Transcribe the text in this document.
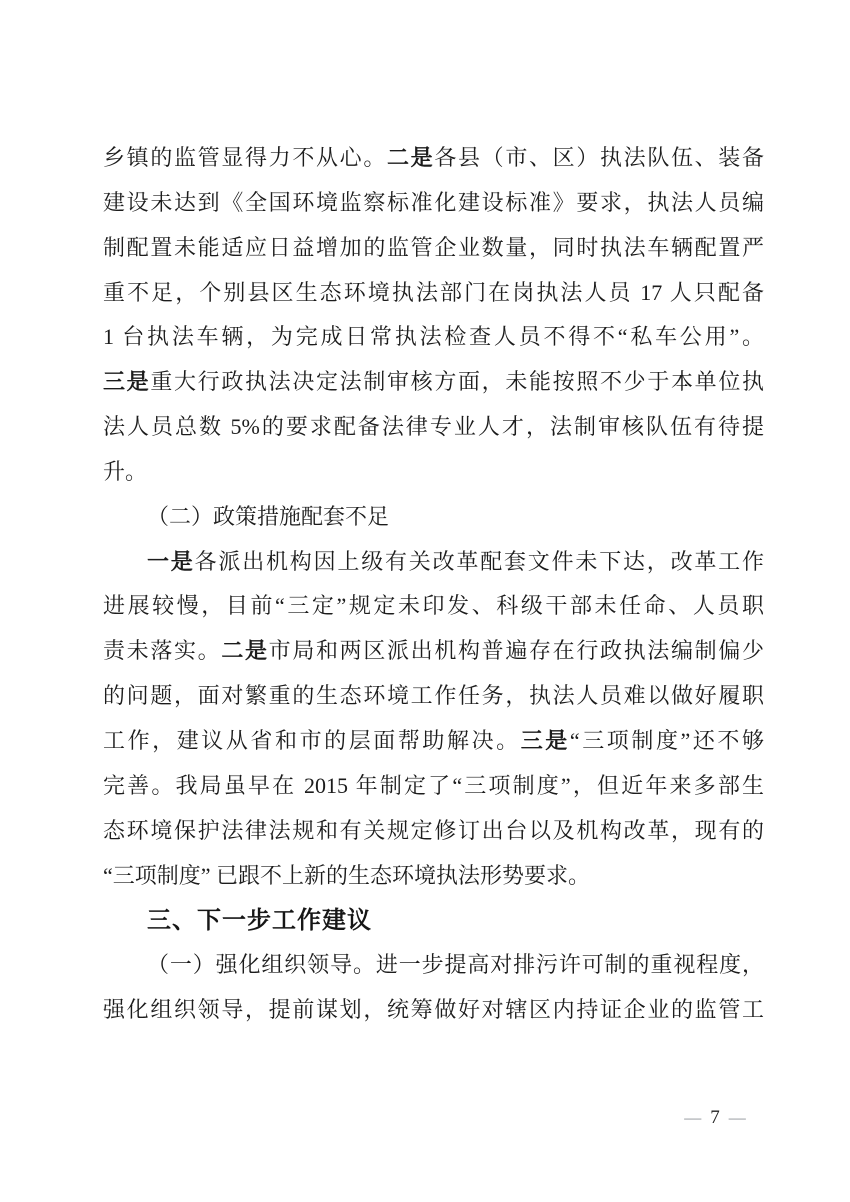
乡镇的监管显得力不从心。二是各县（市、区）执法队伍、装备
建设未达到《全国环境监察标准化建设标准》要求，执法人员编
制配置未能适应日益增加的监管企业数量，同时执法车辆配置严
重不足，个别县区生态环境执法部门在岗执法人员 17 人只配备
1 台执法车辆，为完成日常执法检查人员不得不“私车公用”。
三是重大行政执法决定法制审核方面，未能按照不少于本单位执
法人员总数 5%的要求配备法律专业人才，法制审核队伍有待提
升。
（二）政策措施配套不足
一是各派出机构因上级有关改革配套文件未下达，改革工作
进展较慢，目前“三定”规定未印发、科级干部未任命、人员职
责未落实。二是市局和两区派出机构普遍存在行政执法编制偏少
的问题，面对繁重的生态环境工作任务，执法人员难以做好履职
工作，建议从省和市的层面帮助解决。三是“三项制度”还不够
完善。我局虽早在 2015 年制定了“三项制度”，但近年来多部生
态环境保护法律法规和有关规定修订出台以及机构改革，现有的
“三项制度” 已跟不上新的生态环境执法形势要求。
三、下一步工作建议
（一）强化组织领导。进一步提高对排污许可制的重视程度，
强化组织领导，提前谋划，统筹做好对辖区内持证企业的监管工
— 7 —
